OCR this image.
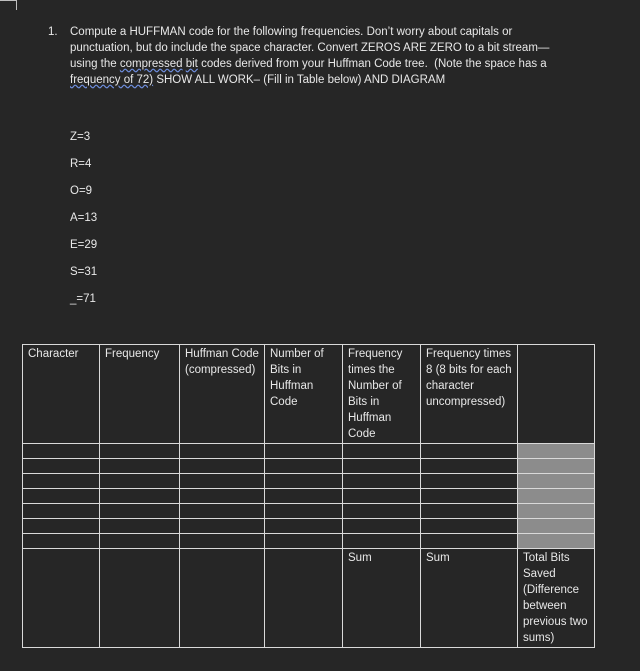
1. Compute a HUFFMAN code for the following frequencies. Don’t worry about capitals or

punctuation, but do include the space character. Convert ZEROS ARE ZERO to a bit stream—

using the compressed bit codes derived from your Huffman Code tree.  (Note the space has a

frequency of 72) SHOW ALL WORK– (Fill in Table below) AND DIAGRAM

Z=3
R=4
O=9
A=13
E=29
S=31
_=71
Character	Frequency	Huffman Code (compressed)	Number of Bits in Huffman Code	Frequency times the Number of Bits in Huffman Code	Frequency times 8 (8 bits for each character uncompressed)	

				Sum	Sum	Total Bits Saved (Difference between previous two sums)
